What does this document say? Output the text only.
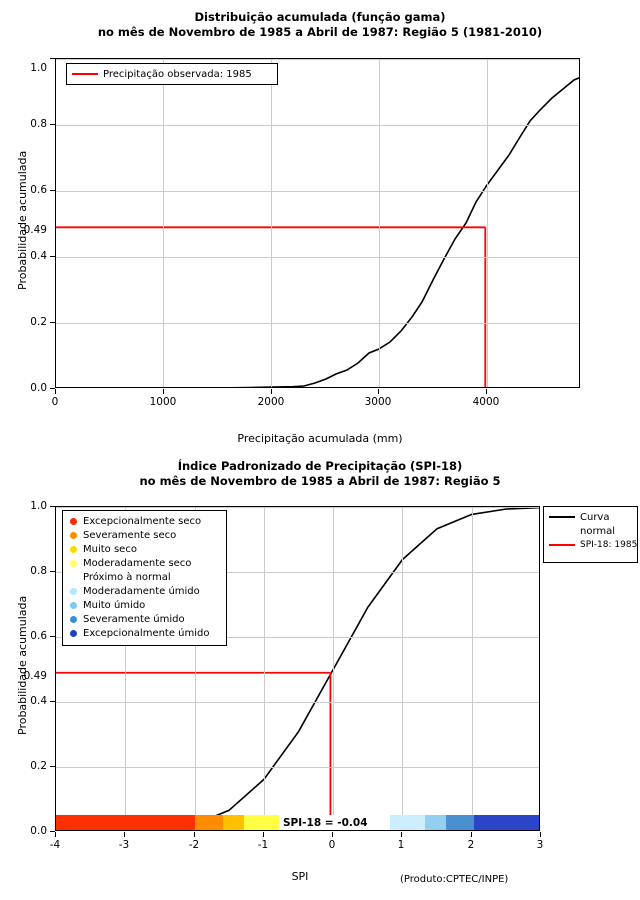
Distribuição acumulada (função gama)
no mês de Novembro de 1985 a Abril de 1987: Região 5 (1981-2010)
Probabilidade acumulada
0.0
0.2
0.4
0.6
0.8
1.0
0.49
0	1000	2000	3000	4000
Precipitação acumulada (mm)
Precipitação observada: 1985
Índice Padronizado de Precipitação (SPI-18)
no mês de Novembro de 1985 a Abril de 1987: Região 5
Probabilidade acumulada
0.0
0.2
0.4
0.6
0.8
1.0
0.49
-4	-3	-2	-1	0	1	2	3
SPI	(Produto:CPTEC/INPE)
SPI-18 = -0.04
Excepcionalmente seco
Severamente seco
Muito seco
Moderadamente seco
Próximo à normal
Moderadamente úmido
Muito úmido
Severamente úmido
Excepcionalmente úmido
Curva
normal
SPI-18: 1985
